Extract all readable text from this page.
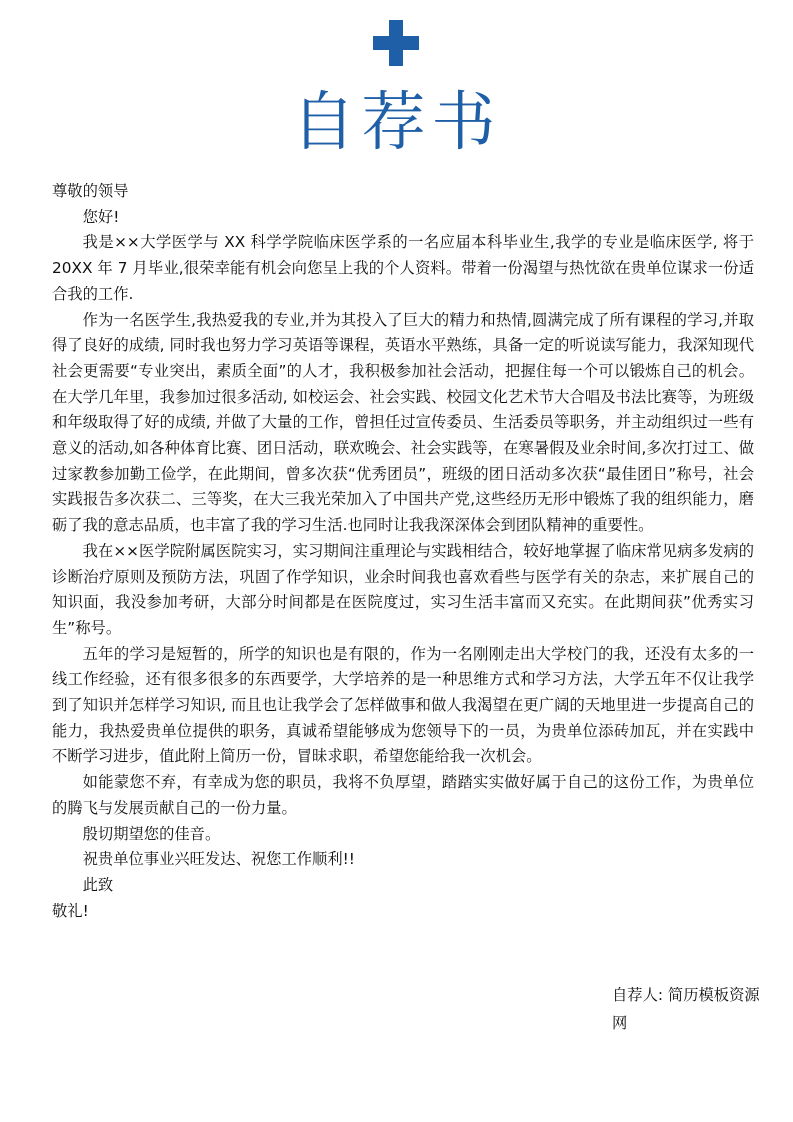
自荐书

尊敬的领导

您好!

我是××大学医学与 XX 科学学院临床医学系的一名应届本科毕业生,我学的专业是临床医学, 将于 20XX 年 7 月毕业,很荣幸能有机会向您呈上我的个人资料。带着一份渴望与热忱欲在贵单位谋求一份适合我的工作.

作为一名医学生,我热爱我的专业,并为其投入了巨大的精力和热情,圆满完成了所有课程的学习,并取得了良好的成绩, 同时我也努力学习英语等课程，英语水平熟练，具备一定的听说读写能力，我深知现代社会更需要“专业突出，素质全面”的人才，我积极参加社会活动，把握住每一个可以锻炼自己的机会。在大学几年里，我参加过很多活动, 如校运会、社会实践、校园文化艺术节大合唱及书法比赛等，为班级和年级取得了好的成绩, 并做了大量的工作，曾担任过宣传委员、生活委员等职务，并主动组织过一些有意义的活动,如各种体育比赛、团日活动，联欢晚会、社会实践等，在寒暑假及业余时间,多次打过工、做过家教参加勤工俭学，在此期间，曾多次获“优秀团员”，班级的团日活动多次获“最佳团日”称号，社会实践报告多次获二、三等奖，在大三我光荣加入了中国共产党,这些经历无形中锻炼了我的组织能力，磨砺了我的意志品质，也丰富了我的学习生活.也同时让我我深深体会到团队精神的重要性。

我在××医学院附属医院实习，实习期间注重理论与实践相结合，较好地掌握了临床常见病多发病的诊断治疗原则及预防方法，巩固了作学知识，业余时间我也喜欢看些与医学有关的杂志，来扩展自己的知识面，我没参加考研，大部分时间都是在医院度过，实习生活丰富而又充实。在此期间获”优秀实习生”称号。

五年的学习是短暂的，所学的知识也是有限的，作为一名刚刚走出大学校门的我，还没有太多的一线工作经验，还有很多很多的东西要学，大学培养的是一种思维方式和学习方法，大学五年不仅让我学到了知识并怎样学习知识, 而且也让我学会了怎样做事和做人我渴望在更广阔的天地里进一步提高自己的能力，我热爱贵单位提供的职务，真诚希望能够成为您领导下的一员，为贵单位添砖加瓦，并在实践中不断学习进步，值此附上简历一份，冒昧求职，希望您能给我一次机会。

如能蒙您不弃，有幸成为您的职员，我将不负厚望，踏踏实实做好属于自己的这份工作，为贵单位的腾飞与发展贡献自己的一份力量。

殷切期望您的佳音。

祝贵单位事业兴旺发达、祝您工作顺利!!

此致

敬礼!

自荐人: 简历模板资源网
